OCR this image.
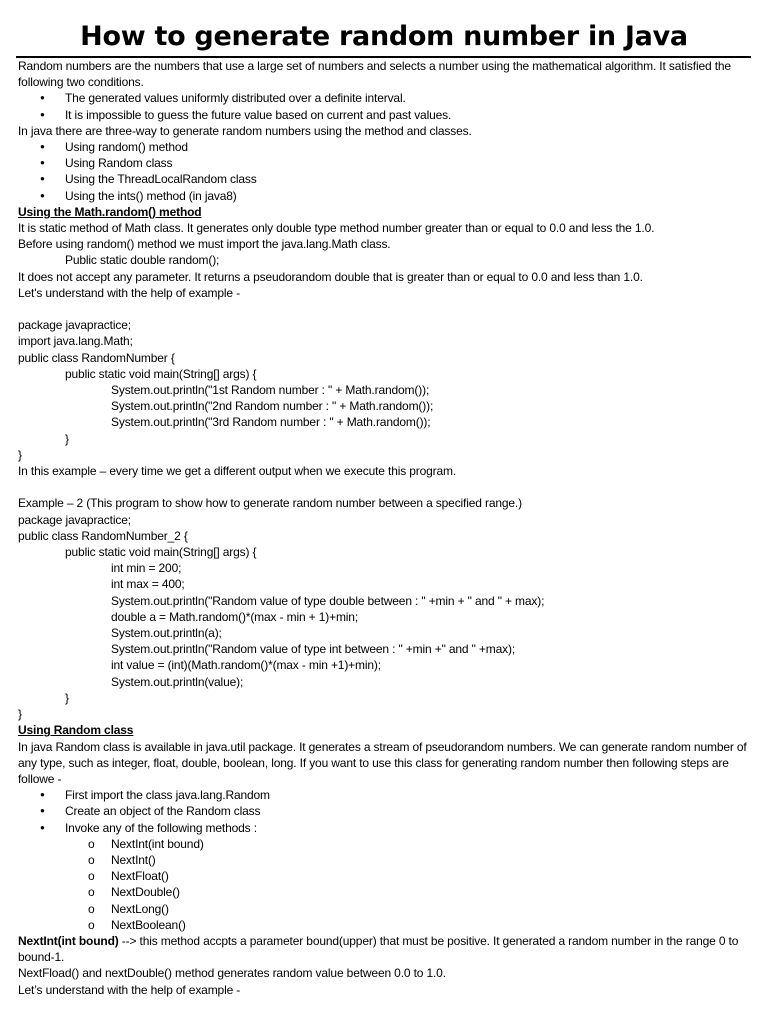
How to generate random number in Java

Random numbers are the numbers that use a large set of numbers and selects a number using the mathematical algorithm. It satisfied the following two conditions.

● The generated values uniformly distributed over a definite interval.
● It is impossible to guess the future value based on current and past values.

In java there are three-way to generate random numbers using the method and classes.

● Using random() method
● Using Random class
● Using the ThreadLocalRandom class
● Using the ints() method (in java8)

Using the Math.random() method

It is static method of Math class. It generates only double type method number greater than or equal to 0.0 and less the 1.0.

Before using random() method we must import the java.lang.Math class.

Public static double random();

It does not accept any parameter. It returns a pseudorandom double that is greater than or equal to 0.0 and less than 1.0.

Let's understand with the help of example -

package javapractice;

import java.lang.Math;

public class RandomNumber {

public static void main(String[] args) {

System.out.println("1st Random number : " + Math.random());

System.out.println("2nd Random number : " + Math.random());

System.out.println("3rd Random number : " + Math.random());

}

}

In this example – every time we get a different output when we execute this program.

Example – 2 (This program to show how to generate random number between a specified range.)

package javapractice;

public class RandomNumber_2 {

public static void main(String[] args) {

int min = 200;

int max = 400;

System.out.println("Random value of type double between : " +min + " and " + max);

double a = Math.random()*(max - min + 1)+min;

System.out.println(a);

System.out.println("Random value of type int between : " +min +" and " +max);

int value = (int)(Math.random()*(max - min +1)+min);

System.out.println(value);

}

}

Using Random class

In java Random class is available in java.util package. It generates a stream of pseudorandom numbers. We can generate random number of any type, such as integer, float, double, boolean, long. If you want to use this class for generating random number then following steps are followe -

● First import the class java.lang.Random
● Create an object of the Random class
● Invoke any of the following methods :
o NextInt(int bound)
o NextInt()
o NextFloat()
o NextDouble()
o NextLong()
o NextBoolean()

NextInt(int bound) --> this method accpts a parameter bound(upper) that must be positive. It generated a random number in the range 0 to bound-1.

NextFload() and nextDouble() method generates random value between 0.0 to 1.0.

Let’s understand with the help of example -
